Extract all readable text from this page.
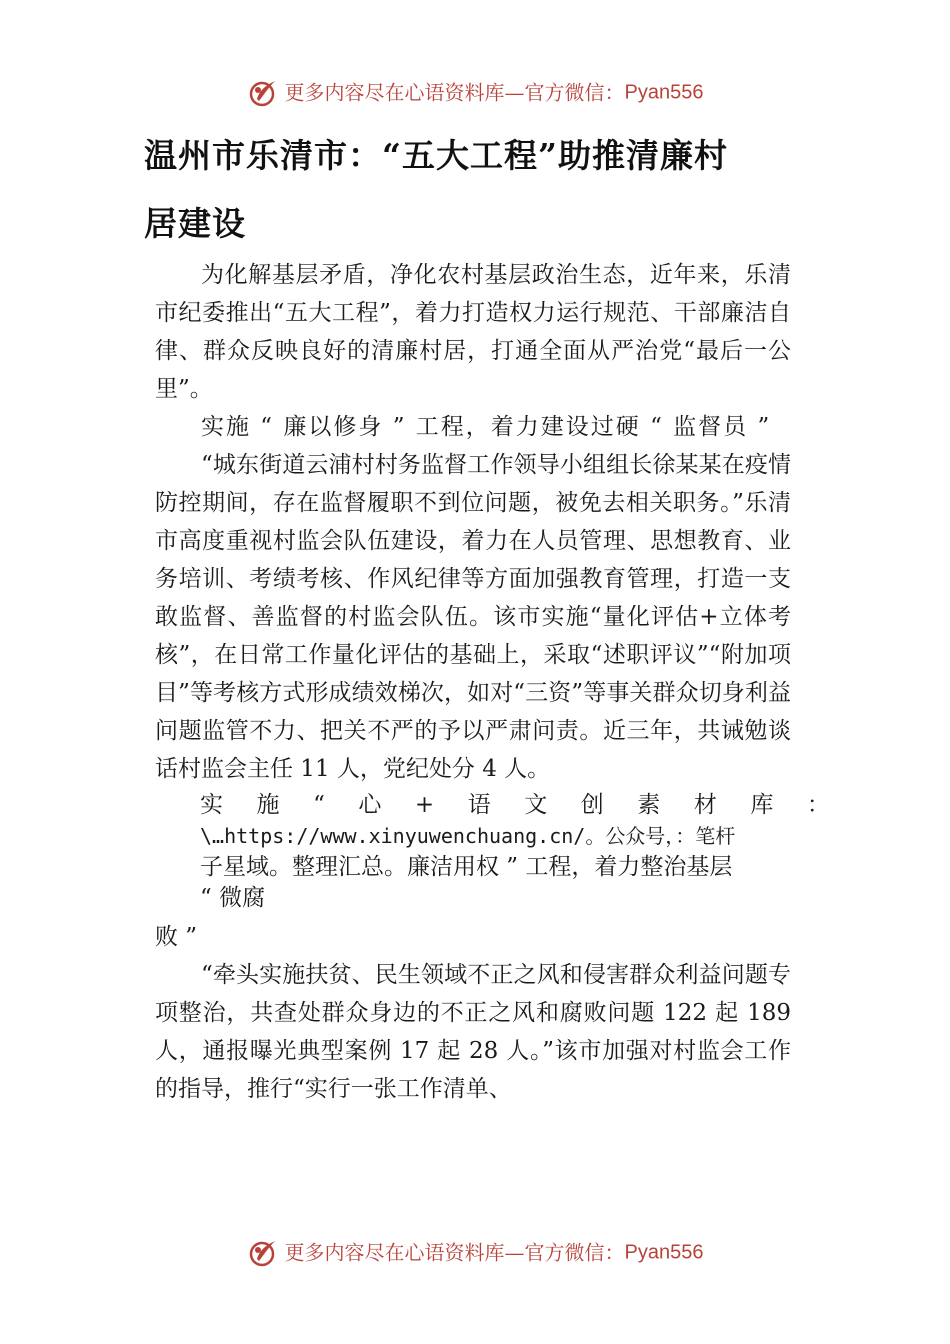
更多内容尽在心语资料库—官方微信：Pyan556
温州市乐清市：“五大工程”助推清廉村
居建设

为化解基层矛盾，净化农村基层政治生态，近年来，乐清市纪委推出“五大工程”，着力打造权力运行规范、干部廉洁自律、群众反映良好的清廉村居，打通全面从严治党“最后一公里”。

实施 “ 廉以修身 ” 工程，着力建设过硬 “ 监督员 ”

“城东街道云浦村村务监督工作领导小组组长徐某某在疫情防控期间，存在监督履职不到位问题，被免去相关职务。”乐清市高度重视村监会队伍建设，着力在人员管理、思想教育、业务培训、考绩考核、作风纪律等方面加强教育管理，打造一支敢监督、善监督的村监会队伍。该市实施“量化评估+立体考核”，在日常工作量化评估的基础上，采取“述职评议”“附加项目”等考核方式形成绩效梯次，如对“三资”等事关群众切身利益问题监管不力、把关不严的予以严肃问责。近三年，共诫勉谈话村监会主任 11 人，党纪处分 4 人。

实 施 “ 心 + 语 文 创 素 材 库 ：
\…https://www.xinyuwenchuang.cn/。公众号，：笔杆
子星域。整理汇总。廉洁用权 ” 工程，着力整治基层
“ 微腐

败 ”

“牵头实施扶贫、民生领域不正之风和侵害群众利益问题专项整治，共查处群众身边的不正之风和腐败问题 122 起 189 人，通报曝光典型案例 17 起 28 人。”该市加强对村监会工作的指导，推行“实行一张工作清单、

更多内容尽在心语资料库—官方微信：Pyan556
